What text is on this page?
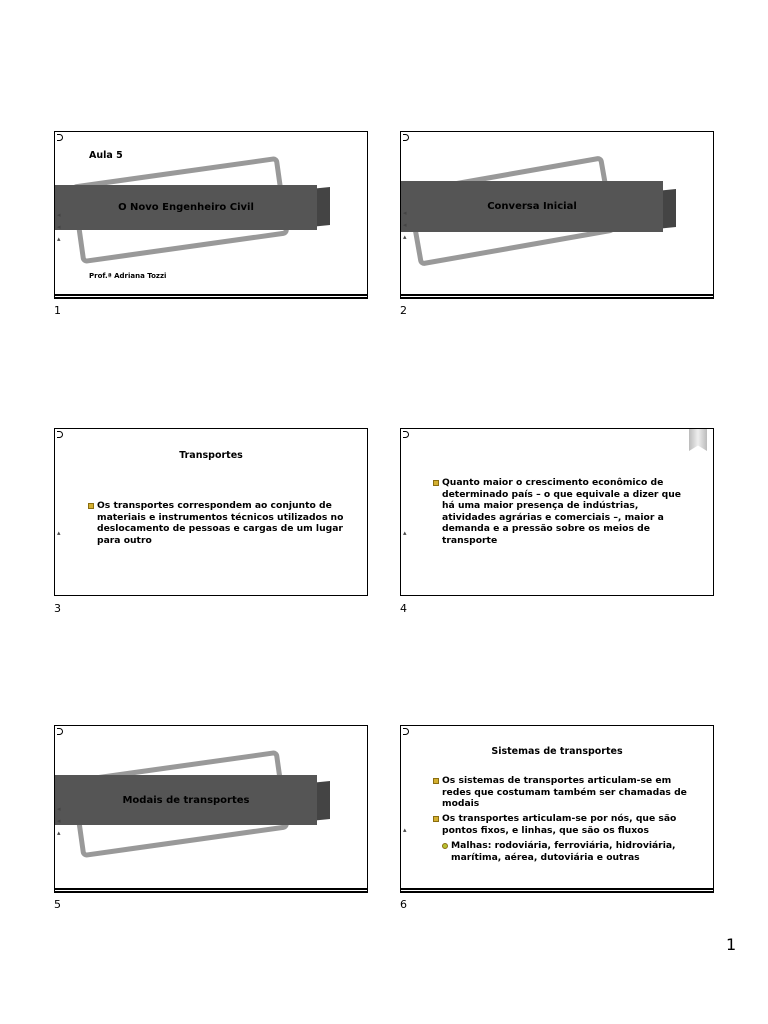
Aula 5
O Novo Engenheiro Civil
◂
◂
▴
Prof.ª Adriana Tozzi
1
Conversa Inicial
◂
◂
▴
2
Transportes
▴
Os transportes correspondem ao conjunto de materiais e instrumentos técnicos utilizados no deslocamento de pessoas e cargas de um lugar para outro
3
▴
Quanto maior o crescimento econômico de determinado país – o que equivale a dizer que há uma maior presença de indústrias, atividades agrárias e comerciais –, maior a demanda e a pressão sobre os meios de transporte
4
Modais de transportes
◂
◂
▴
5
Sistemas de transportes
▴
Os sistemas de transportes articulam-se em redes que costumam também ser chamadas de modais
Os transportes articulam-se por nós, que são pontos fixos, e linhas, que são os fluxos
Malhas: rodoviária, ferroviária, hidroviária, marítima, aérea, dutoviária e outras
6
1
